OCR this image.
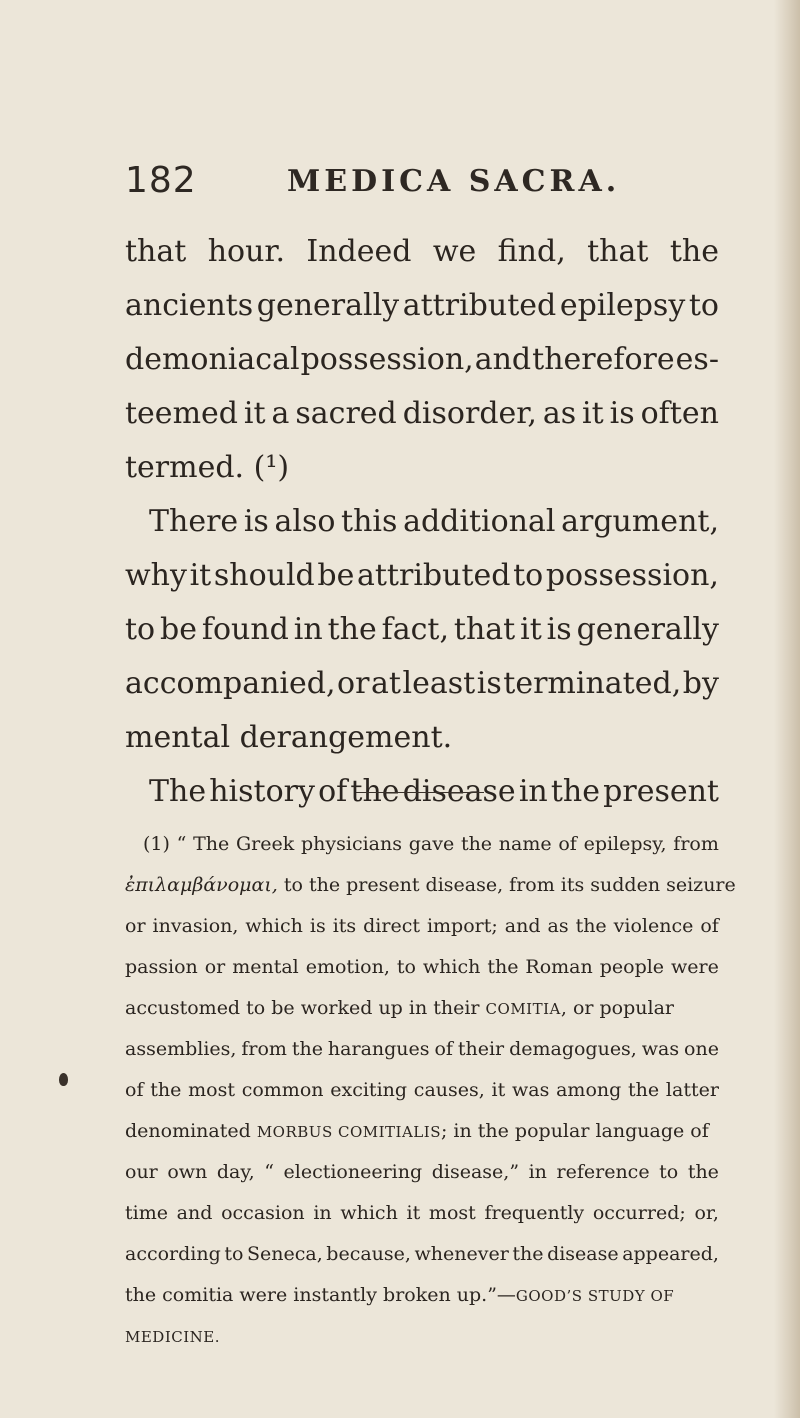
182	MEDICA SACRA.
that hour. Indeed we find, that the
ancients generally attributed epilepsy to
demoniacal possession, and therefore es-
teemed it a sacred disorder, as it is often
termed. (¹)
There is also this additional argument,
why it should be attributed to possession,
to be found in the fact, that it is generally
accompanied, or at least is terminated, by
mental derangement.
The history of the disease in the present
(1) “ The Greek physicians gave the name of epilepsy, from
ἐπιλαμβάνομαι, to the present disease, from its sudden seizure
or invasion, which is its direct import; and as the violence of
passion or mental emotion, to which the Roman people were
accustomed to be worked up in their COMITIA, or popular
assemblies, from the harangues of their demagogues, was one
of the most common exciting causes, it was among the latter
denominated MORBUS COMITIALIS; in the popular language of
our own day, “ electioneering disease,” in reference to the
time and occasion in which it most frequently occurred; or,
according to Seneca, because, whenever the disease appeared,
the comitia were instantly broken up.”—GOOD’S STUDY OF
MEDICINE.
